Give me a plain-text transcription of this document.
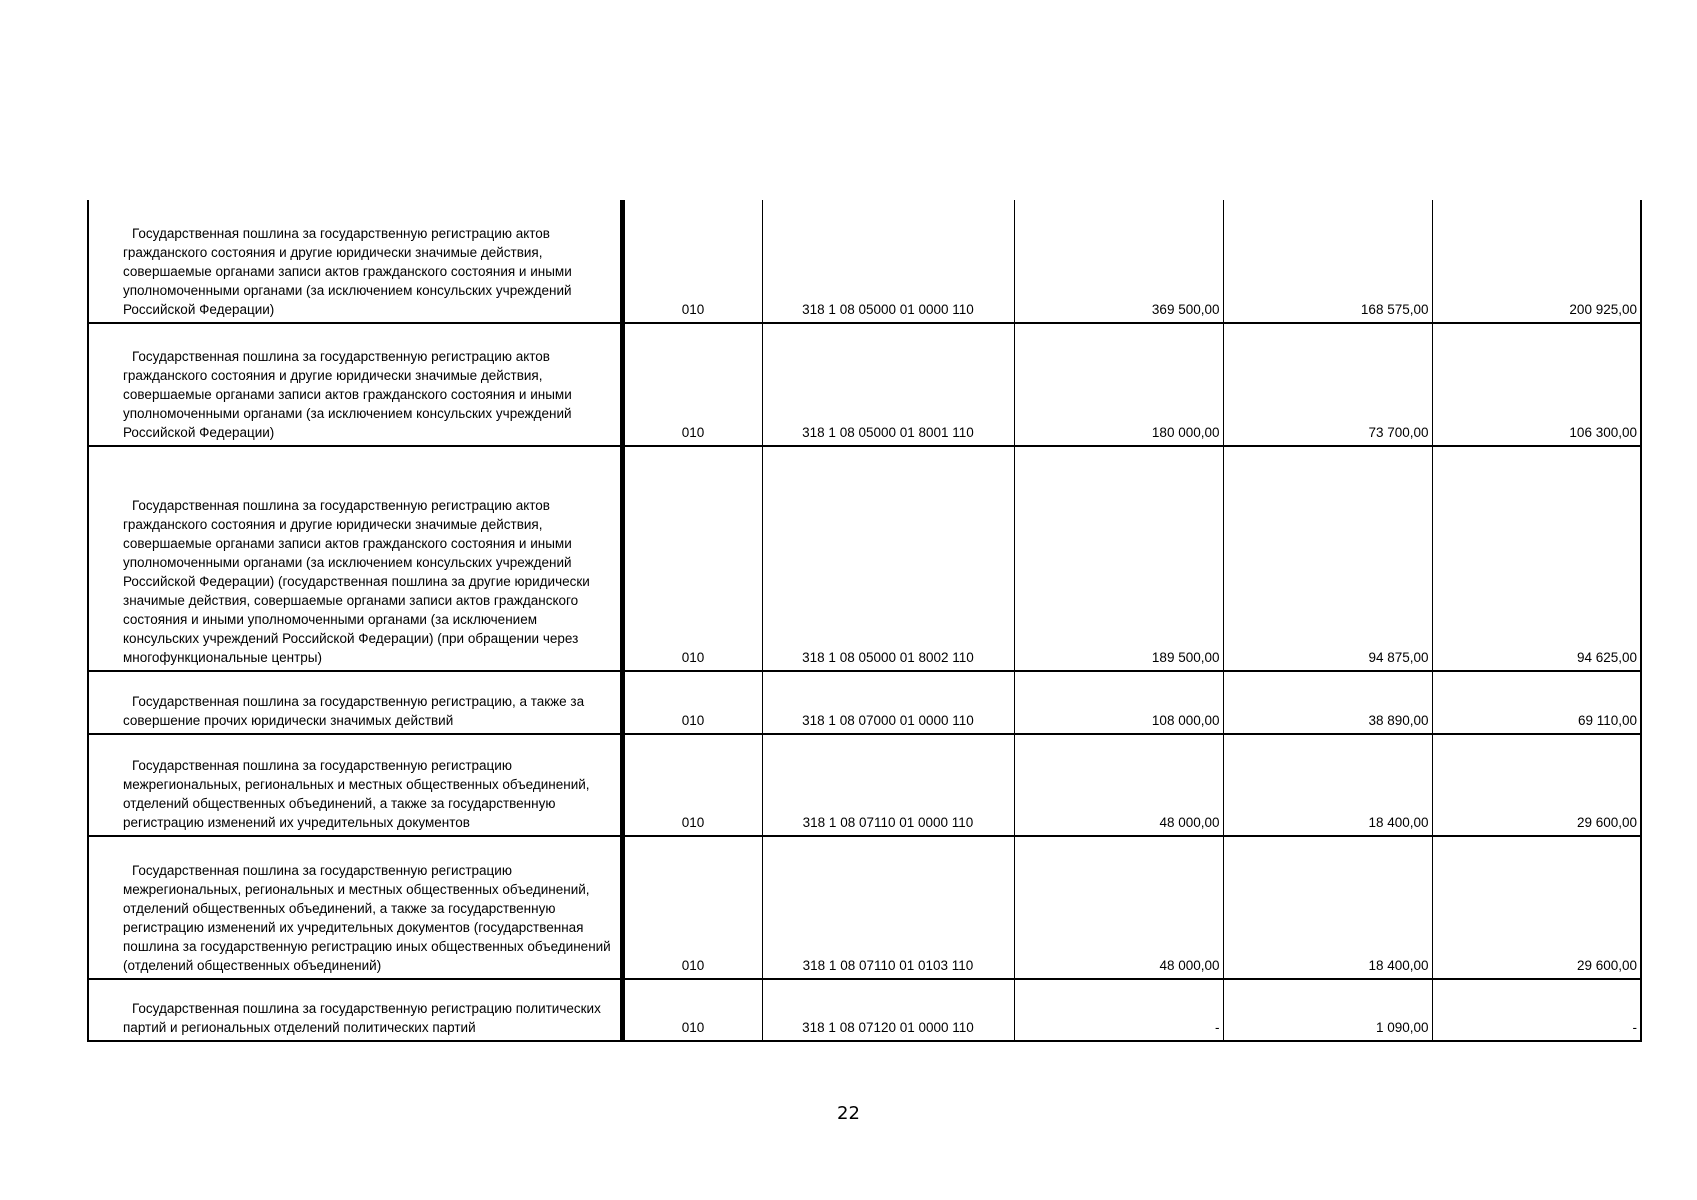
Государственная пошлина за государственную регистрацию актов гражданского состояния и другие юридически значимые действия, совершаемые органами записи актов гражданского состояния и иными уполномоченными органами (за исключением консульских учреждений Российской Федерации)	010	318 1 08 05000 01 0000 110	369 500,00	168 575,00	200 925,00
Государственная пошлина за государственную регистрацию актов гражданского состояния и другие юридически значимые действия, совершаемые органами записи актов гражданского состояния и иными уполномоченными органами (за исключением консульских учреждений Российской Федерации)	010	318 1 08 05000 01 8001 110	180 000,00	73 700,00	106 300,00
Государственная пошлина за государственную регистрацию актов гражданского состояния и другие юридически значимые действия, совершаемые органами записи актов гражданского состояния и иными уполномоченными органами (за исключением консульских учреждений Российской Федерации) (государственная пошлина за другие юридически значимые действия, совершаемые органами записи актов гражданского состояния и иными уполномоченными органами (за исключением консульских учреждений Российской Федерации) (при обращении через многофункциональные центры)	010	318 1 08 05000 01 8002 110	189 500,00	94 875,00	94 625,00
Государственная пошлина за государственную регистрацию, а также за совершение прочих юридически значимых действий	010	318 1 08 07000 01 0000 110	108 000,00	38 890,00	69 110,00
Государственная пошлина за государственную регистрацию межрегиональных, региональных и местных общественных объединений, отделений общественных объединений, а также за государственную регистрацию изменений их учредительных документов	010	318 1 08 07110 01 0000 110	48 000,00	18 400,00	29 600,00
Государственная пошлина за государственную регистрацию межрегиональных, региональных и местных общественных объединений, отделений общественных объединений, а также за государственную регистрацию изменений их учредительных документов (государственная пошлина за государственную регистрацию иных общественных объединений (отделений общественных объединений)	010	318 1 08 07110 01 0103 110	48 000,00	18 400,00	29 600,00
Государственная пошлина за государственную регистрацию политических партий и региональных отделений политических партий	010	318 1 08 07120 01 0000 110	-	1 090,00	-
22
